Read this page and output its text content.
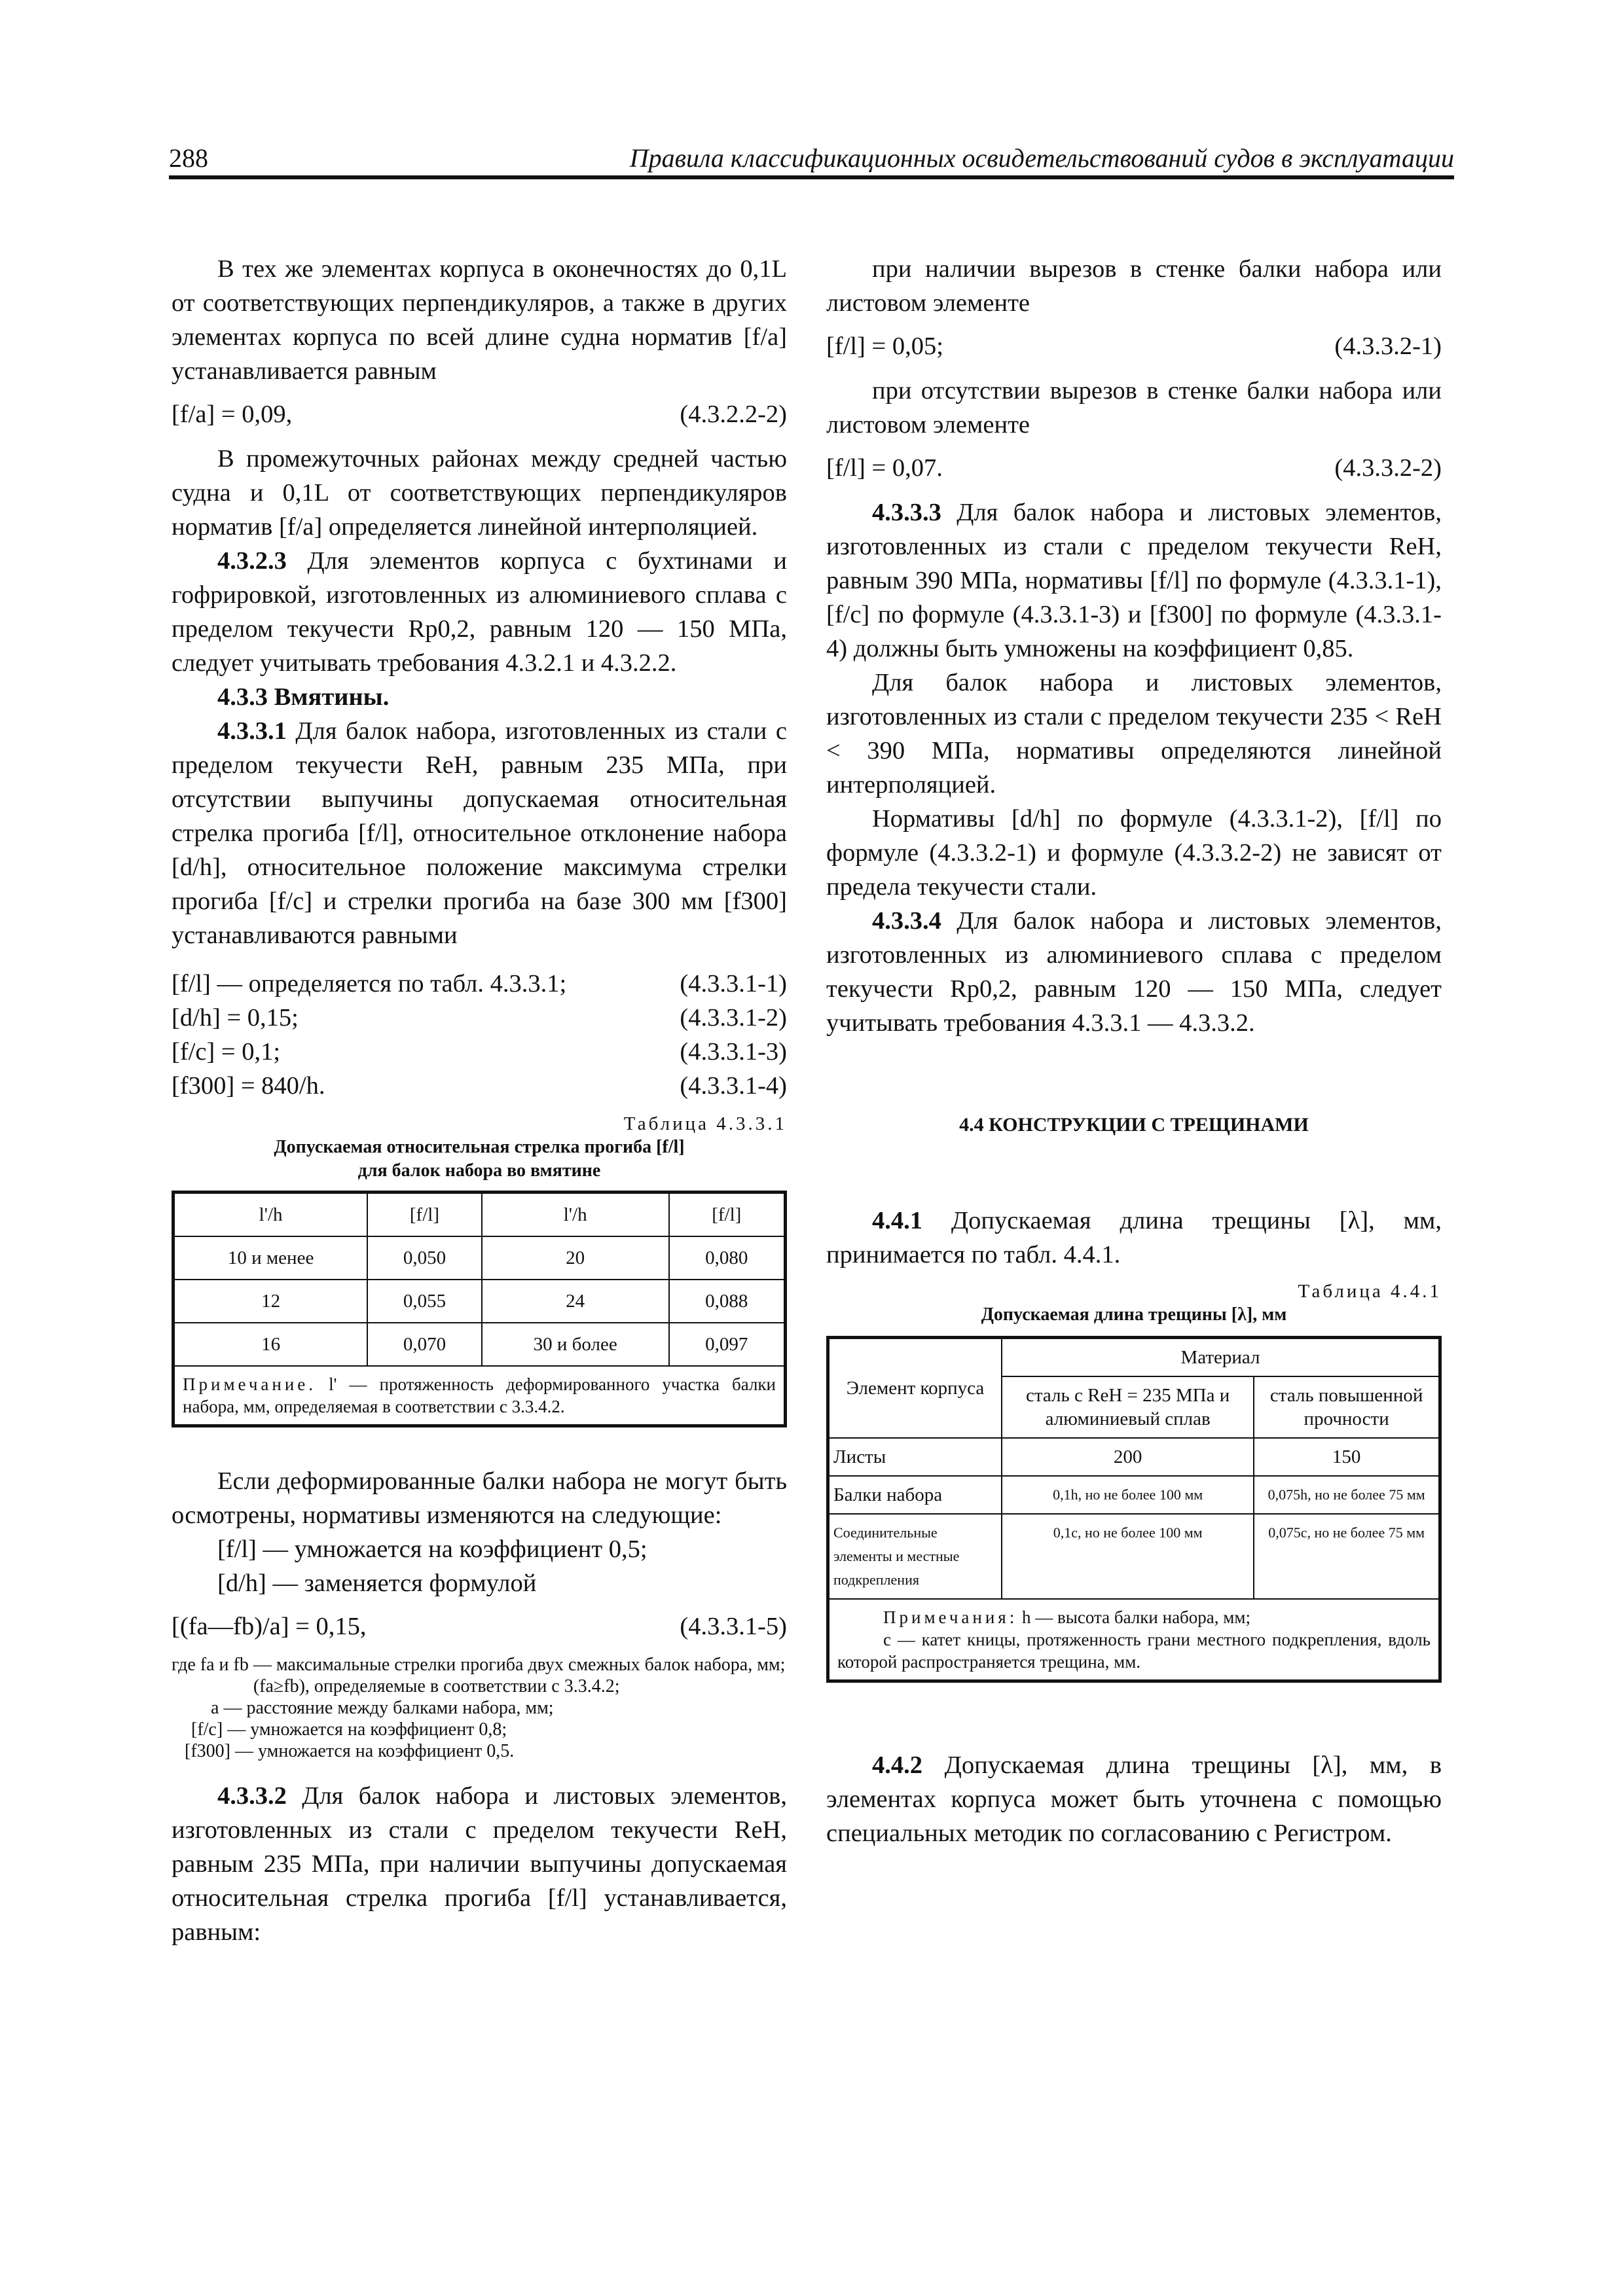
288	Правила классификационных освидетельствований судов в эксплуатации

В тех же элементах корпуса в оконечностях до 0,1L от соответствующих перпендикуляров, а также в других элементах корпуса по всей длине судна норматив [f/a] устанавливается равным

[f/a] = 0,09,	(4.3.2.2-2)

В промежуточных районах между средней частью судна и 0,1L от соответствующих перпендикуляров норматив [f/a] определяется линейной интерполяцией.

4.3.2.3 Для элементов корпуса с бухтинами и гофрировкой, изготовленных из алюминиевого сплава с пределом текучести Rp0,2, равным 120 — 150 МПа, следует учитывать требования 4.3.2.1 и 4.3.2.2.

4.3.3 Вмятины.

4.3.3.1 Для балок набора, изготовленных из стали с пределом текучести ReH, равным 235 МПа, при отсутствии выпучины допускаемая относительная стрелка прогиба [f/l], относительное отклонение набора [d/h], относительное положение максимума стрелки прогиба [f/c] и стрелки прогиба на базе 300 мм [f300] устанавливаются равными

[f/l] — определяется по табл. 4.3.3.1;	(4.3.3.1-1)
[d/h] = 0,15;	(4.3.3.1-2)
[f/c] = 0,1;	(4.3.3.1-3)
[f300] = 840/h.	(4.3.3.1-4)
Таблица 4.3.3.1
Допускаемая относительная стрелка прогиба [f/l]
для балок набора во вмятине
l'/h	[f/l]	l'/h	[f/l]
10 и менее	0,050	20	0,080
12	0,055	24	0,088
16	0,070	30 и более	0,097
Примечание. l' — протяженность деформированного участка балки набора, мм, определяемая в соответствии с 3.3.4.2.			

Если деформированные балки набора не могут быть осмотрены, нормативы изменяются на следующие:

[f/l] — умножается на коэффициент 0,5;

[d/h] — заменяется формулой

[(fa—fb)/a] = 0,15,	(4.3.3.1-5)
где fa и fb
— максимальные стрелки прогиба двух смежных балок набора, мм; (fa≥fb), определяемые в соответствии с 3.3.4.2;
a
— расстояние между балками набора, мм;
[f/c]
— умножается на коэффициент 0,8;
[f300]
— умножается на коэффициент 0,5.

4.3.3.2 Для балок набора и листовых элементов, изготовленных из стали с пределом текучести ReH, равным 235 МПа, при наличии выпучины допускаемая относительная стрелка прогиба [f/l] устанавливается, равным:

при наличии вырезов в стенке балки набора или листовом элементе

[f/l] = 0,05;	(4.3.3.2-1)

при отсутствии вырезов в стенке балки набора или листовом элементе

[f/l] = 0,07.	(4.3.3.2-2)

4.3.3.3 Для балок набора и листовых элементов, изготовленных из стали с пределом текучести ReH, равным 390 МПа, нормативы [f/l] по формуле (4.3.3.1-1), [f/c] по формуле (4.3.3.1-3) и [f300] по формуле (4.3.3.1-4) должны быть умножены на коэффициент 0,85.

Для балок набора и листовых элементов, изготовленных из стали с пределом текучести 235 < ReH < 390 МПа, нормативы определяются линейной интерполяцией.

Нормативы [d/h] по формуле (4.3.3.1-2), [f/l] по формуле (4.3.3.2-1) и формуле (4.3.3.2-2) не зависят от предела текучести стали.

4.3.3.4 Для балок набора и листовых элементов, изготовленных из алюминиевого сплава с пределом текучести Rp0,2, равным 120 — 150 МПа, следует учитывать требования 4.3.3.1 — 4.3.3.2.

4.4 КОНСТРУКЦИИ С ТРЕЩИНАМИ

4.4.1 Допускаемая длина трещины [λ], мм, принимается по табл. 4.4.1.

Таблица 4.4.1
Допускаемая длина трещины [λ], мм
Элемент корпуса	Материал	
	сталь с ReH = 235 МПа и алюминиевый сплав	сталь повышенной прочности
Листы	200	150
Балки набора	0,1h, но не более 100 мм	0,075h, но не более 75 мм
Соединительные элементы и местные подкрепления	0,1c, но не более 100 мм	0,075c, но не более 75 мм

Примечания: h — высота балки набора, мм;
c — катет кницы, протяженность грани местного подкрепления, вдоль которой распространяется трещина, мм.		

4.4.2 Допускаемая длина трещины [λ], мм, в элементах корпуса может быть уточнена с помощью специальных методик по согласованию с Регистром.
